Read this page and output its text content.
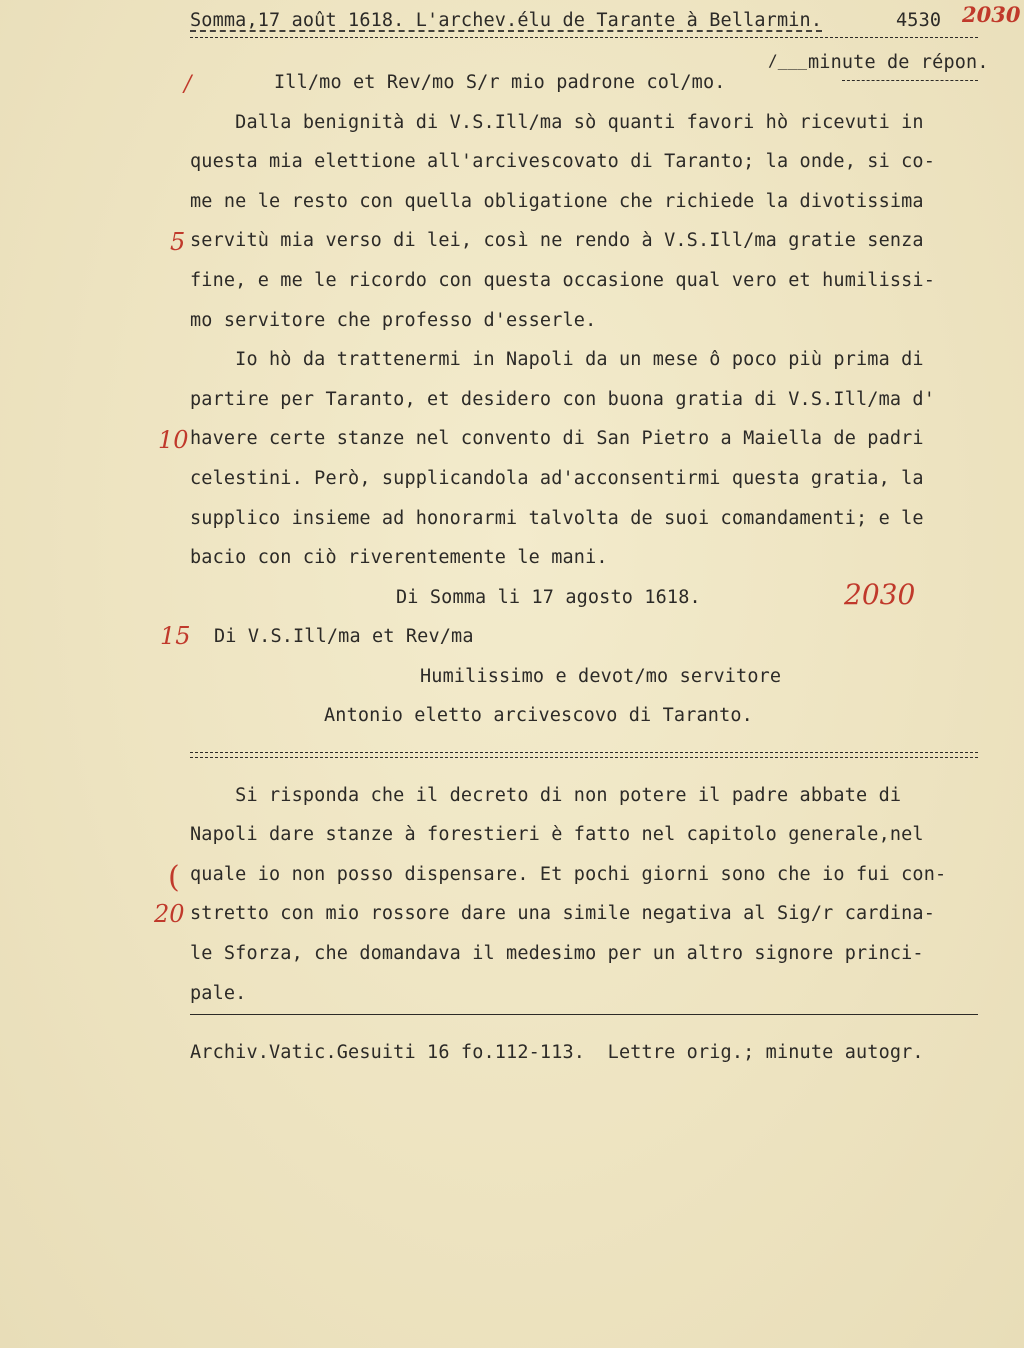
Somma,17 août 1618. L'archev.élu de Tarante à Bellarmin.	4530 2030
/___ minute de répon.
/	Ill/mo et Rev/mo S/r mio padrone col/mo.
Dalla benignità di V.S.Ill/ma sò quanti favori hò ricevuti in
questa mia elettione all'arcivescovato di Taranto; la onde, si co-
me ne le resto con quella obligatione che richiede la divotissima
5 servitù mia verso di lei, così ne rendo à V.S.Ill/ma gratie senza
fine, e me le ricordo con questa occasione qual vero et humilissi-
mo servitore che professo d'esserle.
Io hò da trattenermi in Napoli da un mese ô poco più prima di
partire per Taranto, et desidero con buona gratia di V.S.Ill/ma d'
10 havere certe stanze nel convento di San Pietro a Maiella de padri
celestini. Però, supplicandola ad'acconsentirmi questa gratia, la
supplico insieme ad honorarmi talvolta de suoi comandamenti; e le
bacio con ciò riverentemente le mani.
Di Somma li 17 agosto 1618.	2030
15 Di V.S.Ill/ma et Rev/ma
Humilissimo e devot/mo servitore
Antonio eletto arcivescovo di Taranto.
Si risponda che il decreto di non potere il padre abbate di
Napoli dare stanze à forestieri è fatto nel capitolo generale,nel
( quale io non posso dispensare. Et pochi giorni sono che io fui con-
20 stretto con mio rossore dare una simile negativa al Sig/r cardina-
le Sforza, che domandava il medesimo per un altro signore princi-
pale.
Archiv.Vatic.Gesuiti 16 fo.112-113.  Lettre orig.; minute autogr.
